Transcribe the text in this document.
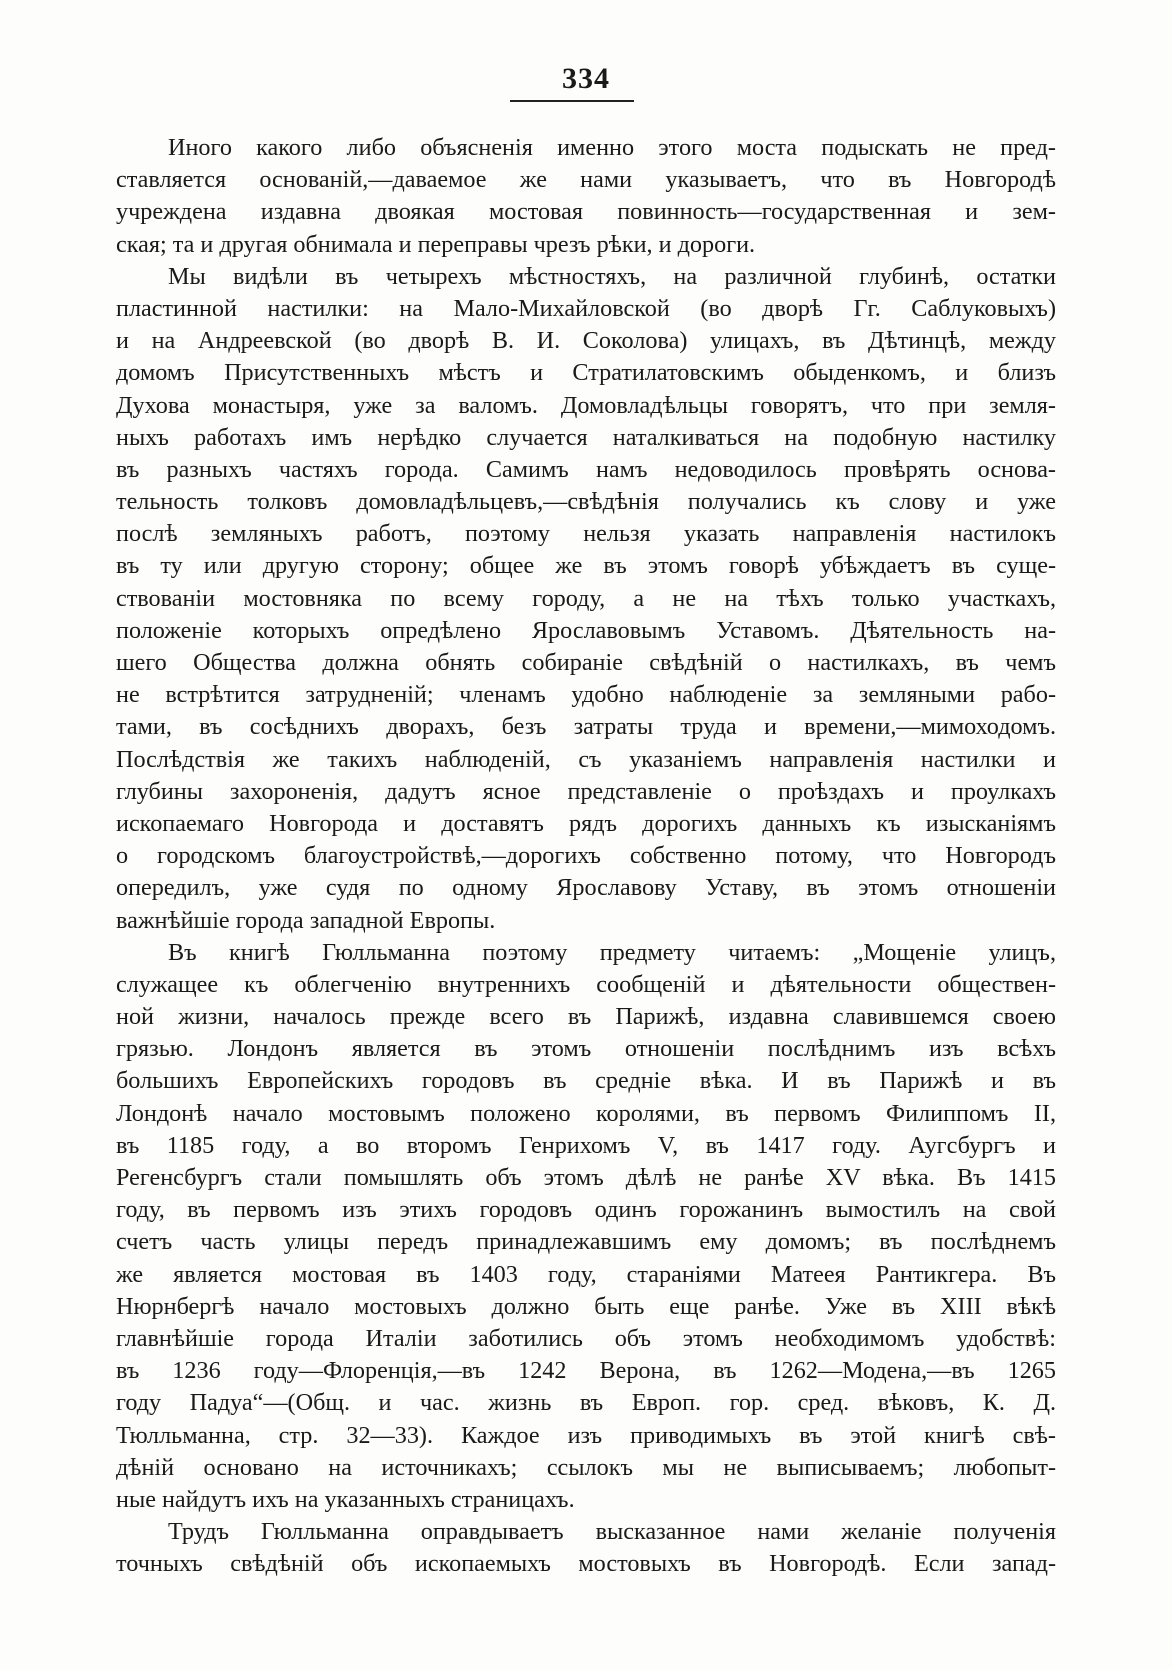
334
Иного какого либо объясненія именно этого моста подыскать не пред-
ставляется основаній,—даваемое же нами указываетъ, что въ Новгородѣ
учреждена издавна двоякая мостовая повинность—государственная и зем-
ская; та и другая обнимала и переправы чрезъ рѣки, и дороги.
Мы видѣли въ четырехъ мѣстностяхъ, на различной глубинѣ, остатки
пластинной настилки: на Мало-Михайловской (во дворѣ Гг. Саблуковыхъ)
и на Андреевской (во дворѣ В. И. Соколова) улицахъ, въ Дѣтинцѣ, между
домомъ Присутственныхъ мѣстъ и Стратилатовскимъ обыденкомъ, и близъ
Духова монастыря, уже за валомъ. Домовладѣльцы говорятъ, что при земля-
ныхъ работахъ имъ нерѣдко случается наталкиваться на подобную настилку
въ разныхъ частяхъ города. Самимъ намъ недоводилось провѣрять основа-
тельность толковъ домовладѣльцевъ,—свѣдѣнія получались къ слову и уже
послѣ земляныхъ работъ, поэтому нельзя указать направленія настилокъ
въ ту или другую сторону; общее же въ этомъ говорѣ убѣждаетъ въ суще-
ствованіи мостовняка по всему городу, а не на тѣхъ только участкахъ,
положеніе которыхъ опредѣлено Ярославовымъ Уставомъ. Дѣятельность на-
шего Общества должна обнять собираніе свѣдѣній о настилкахъ, въ чемъ
не встрѣтится затрудненій; членамъ удобно наблюденіе за земляными рабо-
тами, въ сосѣднихъ дворахъ, безъ затраты труда и времени,—мимоходомъ.
Послѣдствія же такихъ наблюденій, съ указаніемъ направленія настилки и
глубины захороненія, дадутъ ясное представленіе о проѣздахъ и проулкахъ
ископаемаго Новгорода и доставятъ рядъ дорогихъ данныхъ къ изысканіямъ
о городскомъ благоустройствѣ,—дорогихъ собственно потому, что Новгородъ
опередилъ, уже судя по одному Ярославову Уставу, въ этомъ отношеніи
важнѣйшіе города западной Европы.
Въ книгѣ Гюлльманна поэтому предмету читаемъ: „Мощеніе улицъ,
служащее къ облегченію внутреннихъ сообщеній и дѣятельности обществен-
ной жизни, началось прежде всего въ Парижѣ, издавна славившемся своею
грязью. Лондонъ является въ этомъ отношеніи послѣднимъ изъ всѣхъ
большихъ Европейскихъ городовъ въ средніе вѣка. И въ Парижѣ и въ
Лондонѣ начало мостовымъ положено королями, въ первомъ Филиппомъ II,
въ 1185 году, а во второмъ Генрихомъ V, въ 1417 году. Аугсбургъ и
Регенсбургъ стали помышлять объ этомъ дѣлѣ не ранѣе XV вѣка. Въ 1415
году, въ первомъ изъ этихъ городовъ одинъ горожанинъ вымостилъ на свой
счетъ часть улицы передъ принадлежавшимъ ему домомъ; въ послѣднемъ
же является мостовая въ 1403 году, стараніями Матеея Рантикгера. Въ
Нюрнбергѣ начало мостовыхъ должно быть еще ранѣе. Уже въ XIII вѣкѣ
главнѣйшіе города Италіи заботились объ этомъ необходимомъ удобствѣ:
въ 1236 году—Флоренція,—въ 1242 Верона, въ 1262—Модена,—въ 1265
году Падуа“—(Общ. и час. жизнь въ Европ. гор. сред. вѣковъ, К. Д.
Тюлльманна, стр. 32—33). Каждое изъ приводимыхъ въ этой книгѣ свѣ-
дѣній основано на источникахъ; ссылокъ мы не выписываемъ; любопыт-
ные найдутъ ихъ на указанныхъ страницахъ.
Трудъ Гюлльманна оправдываетъ высказанное нами желаніе полученія
точныхъ свѣдѣній объ ископаемыхъ мостовыхъ въ Новгородѣ. Если запад-
